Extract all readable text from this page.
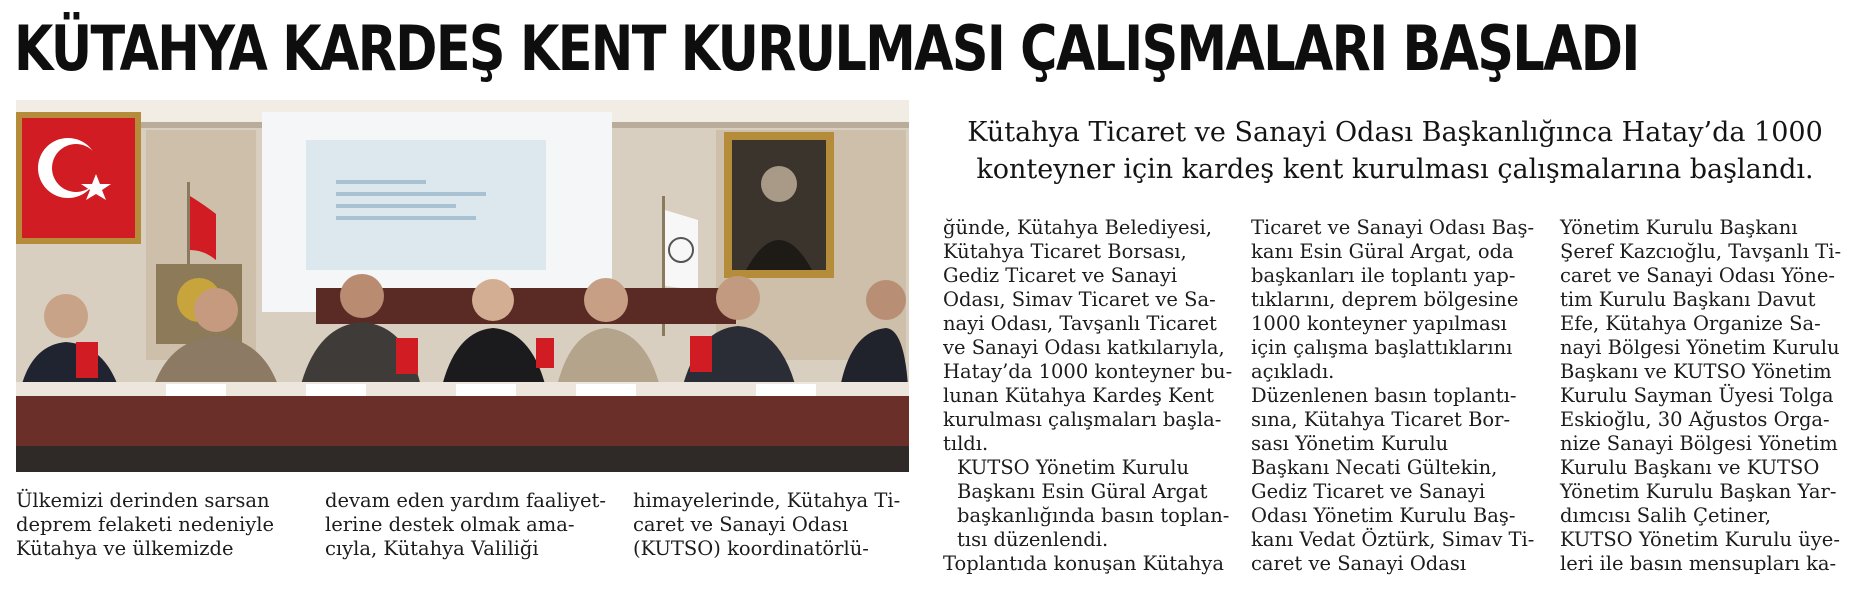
KÜTAHYA KARDEŞ KENT KURULMASI ÇALIŞMALARI BAŞLADI
Kütahya Ticaret ve Sanayi Odası Başkanlığınca Hatay’da 1000
konteyner için kardeş kent kurulması çalışmalarına başlandı.

Ülkemizi derinden sarsan
deprem felaketi nedeniyle
Kütahya ve ülkemizde

devam eden yardım faaliyet-
lerine destek olmak ama-
cıyla, Kütahya Valiliği

himayelerinde, Kütahya Ti-
caret ve Sanayi Odası
(KUTSO) koordinatörlü-

ğünde, Kütahya Belediyesi,
Kütahya Ticaret Borsası,
Gediz Ticaret ve Sanayi
Odası, Simav Ticaret ve Sa-
nayi Odası, Tavşanlı Ticaret
ve Sanayi Odası katkılarıyla,
Hatay’da 1000 konteyner bu-
lunan Kütahya Kardeş Kent
kurulması çalışmaları başla-
tıldı.

KUTSO Yönetim Kurulu
Başkanı Esin Güral Argat
başkanlığında basın toplan-
tısı düzenlendi.

Toplantıda konuşan Kütahya

Ticaret ve Sanayi Odası Baş-
kanı Esin Güral Argat, oda
başkanları ile toplantı yap-
tıklarını, deprem bölgesine
1000 konteyner yapılması
için çalışma başlattıklarını
açıkladı.

Düzenlenen basın toplantı-
sına, Kütahya Ticaret Bor-
sası Yönetim Kurulu
Başkanı Necati Gültekin,
Gediz Ticaret ve Sanayi
Odası Yönetim Kurulu Baş-
kanı Vedat Öztürk, Simav Ti-
caret ve Sanayi Odası

Yönetim Kurulu Başkanı
Şeref Kazcıoğlu, Tavşanlı Ti-
caret ve Sanayi Odası Yöne-
tim Kurulu Başkanı Davut
Efe, Kütahya Organize Sa-
nayi Bölgesi Yönetim Kurulu
Başkanı ve KUTSO Yönetim
Kurulu Sayman Üyesi Tolga
Eskioğlu, 30 Ağustos Orga-
nize Sanayi Bölgesi Yönetim
Kurulu Başkanı ve KUTSO
Yönetim Kurulu Başkan Yar-
dımcısı Salih Çetiner,
KUTSO Yönetim Kurulu üye-
leri ile basın mensupları ka-
